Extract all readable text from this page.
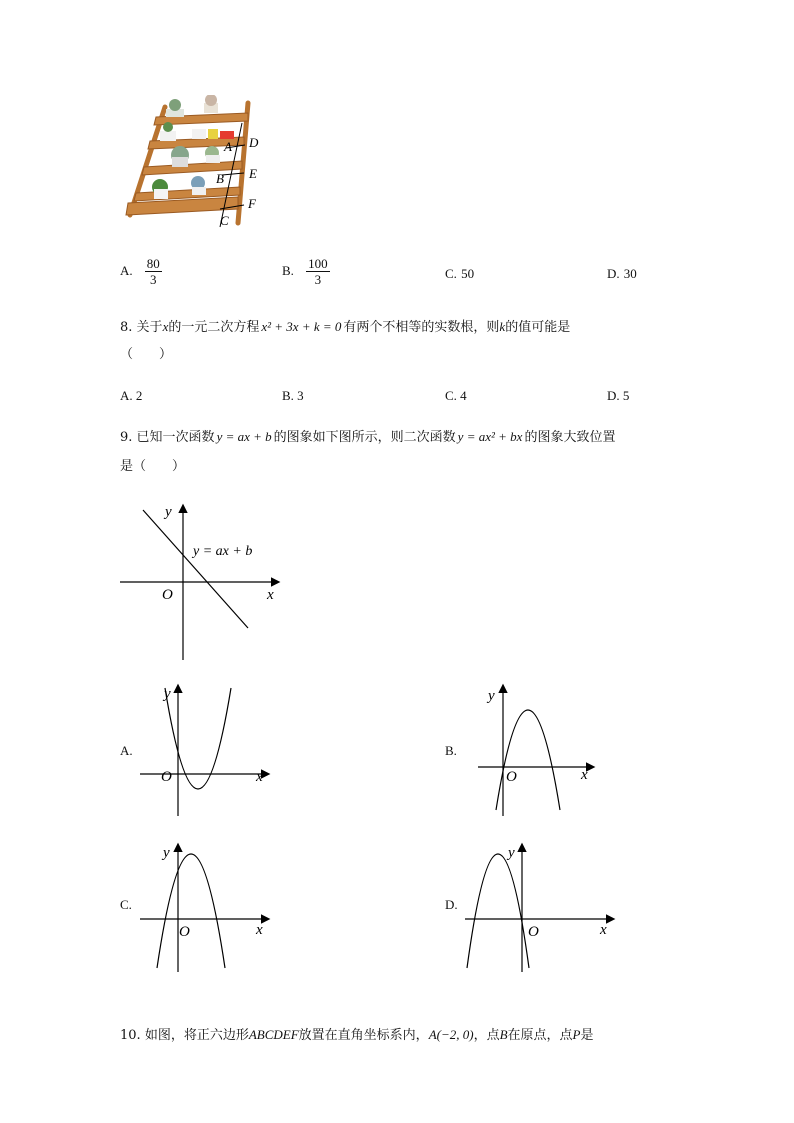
A D
B E
C
F
A. $\frac{80}{3}$	B. $\frac{100}{3}$	C. 50	D. 30
8. 关于x的一元二次方程 x² + 3x + k = 0 有两个不相等的实数根，则k的值可能是
（　　）
A. 2	B. 3	C. 4	D. 5
9. 已知一次函数 y = ax + b 的图象如下图所示，则二次函数 y = ax² + bx 的图象大致位置
是（　　）
y
x
O
y = ax + b
A.
y
x
O
B.
y
x
O
C.
y
x
O
D.
y
x
O
10. 如图，将正六边形ABCDEF放置在直角坐标系内，A(−2, 0)，点B在原点，点P是
